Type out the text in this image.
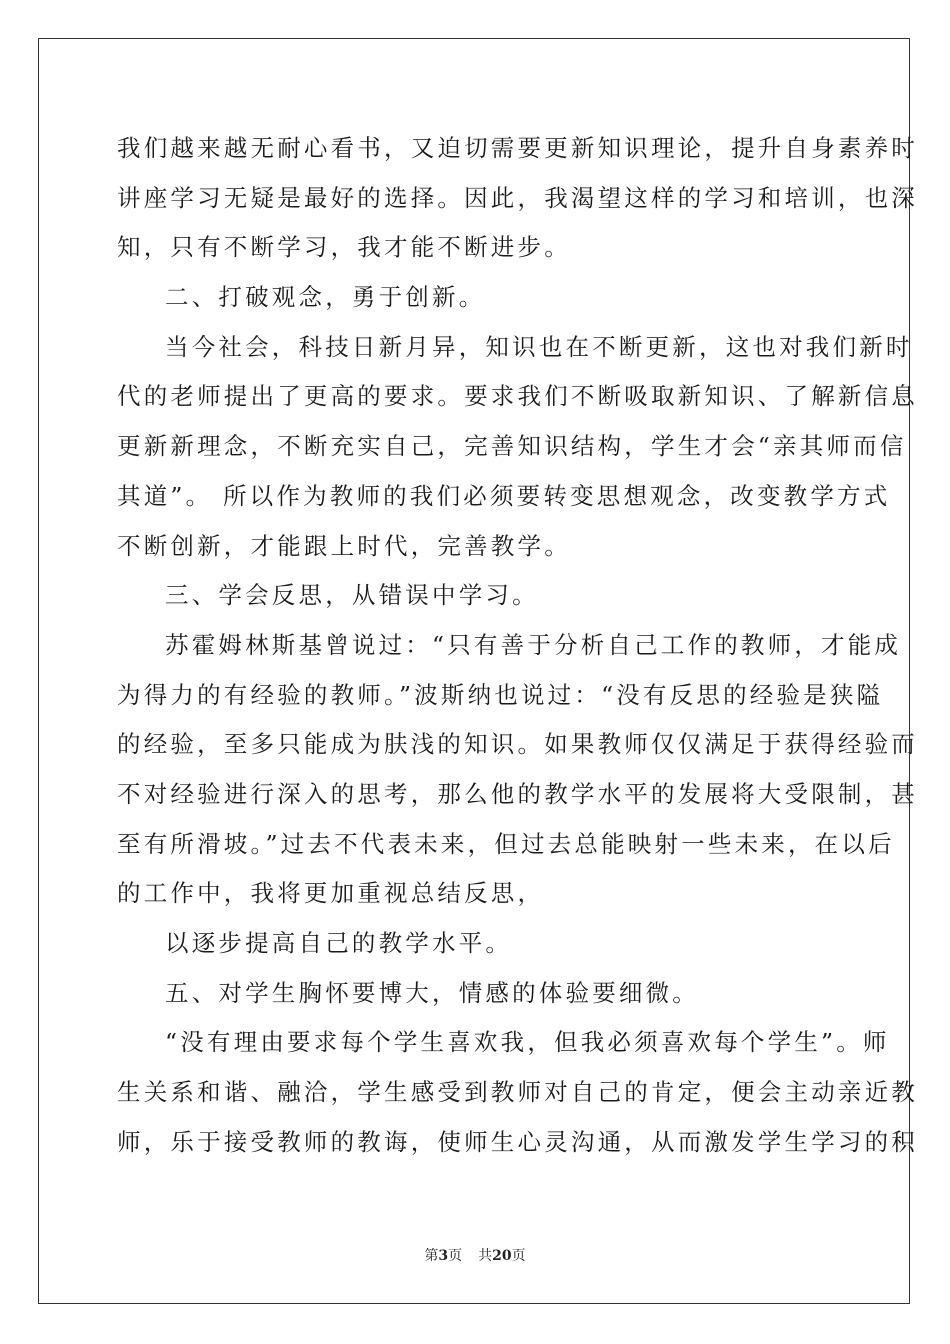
我们越来越无耐心看书，又迫切需要更新知识理论，提升自身素养时
讲座学习无疑是最好的选择。因此，我渴望这样的学习和培训，也深
知，只有不断学习，我才能不断进步。
二、打破观念，勇于创新。
当今社会，科技日新月异，知识也在不断更新，这也对我们新时
代的老师提出了更高的要求。要求我们不断吸取新知识、了解新信息
更新新理念，不断充实自己，完善知识结构，学生才会“亲其师而信
其道”。 所以作为教师的我们必须要转变思想观念，改变教学方式
不断创新，才能跟上时代，完善教学。
三、学会反思，从错误中学习。
苏霍姆林斯基曾说过：“只有善于分析自己工作的教师，才能成
为得力的有经验的教师。”波斯纳也说过：“没有反思的经验是狭隘
的经验，至多只能成为肤浅的知识。如果教师仅仅满足于获得经验而
不对经验进行深入的思考，那么他的教学水平的发展将大受限制，甚
至有所滑坡。”过去不代表未来，但过去总能映射一些未来，在以后
的工作中，我将更加重视总结反思，
以逐步提高自己的教学水平。
五、对学生胸怀要博大，情感的体验要细微。
“没有理由要求每个学生喜欢我，但我必须喜欢每个学生”。师
生关系和谐、融洽，学生感受到教师对自己的肯定，便会主动亲近教
师，乐于接受教师的教诲，使师生心灵沟通，从而激发学生学习的积
第3页 共20页
